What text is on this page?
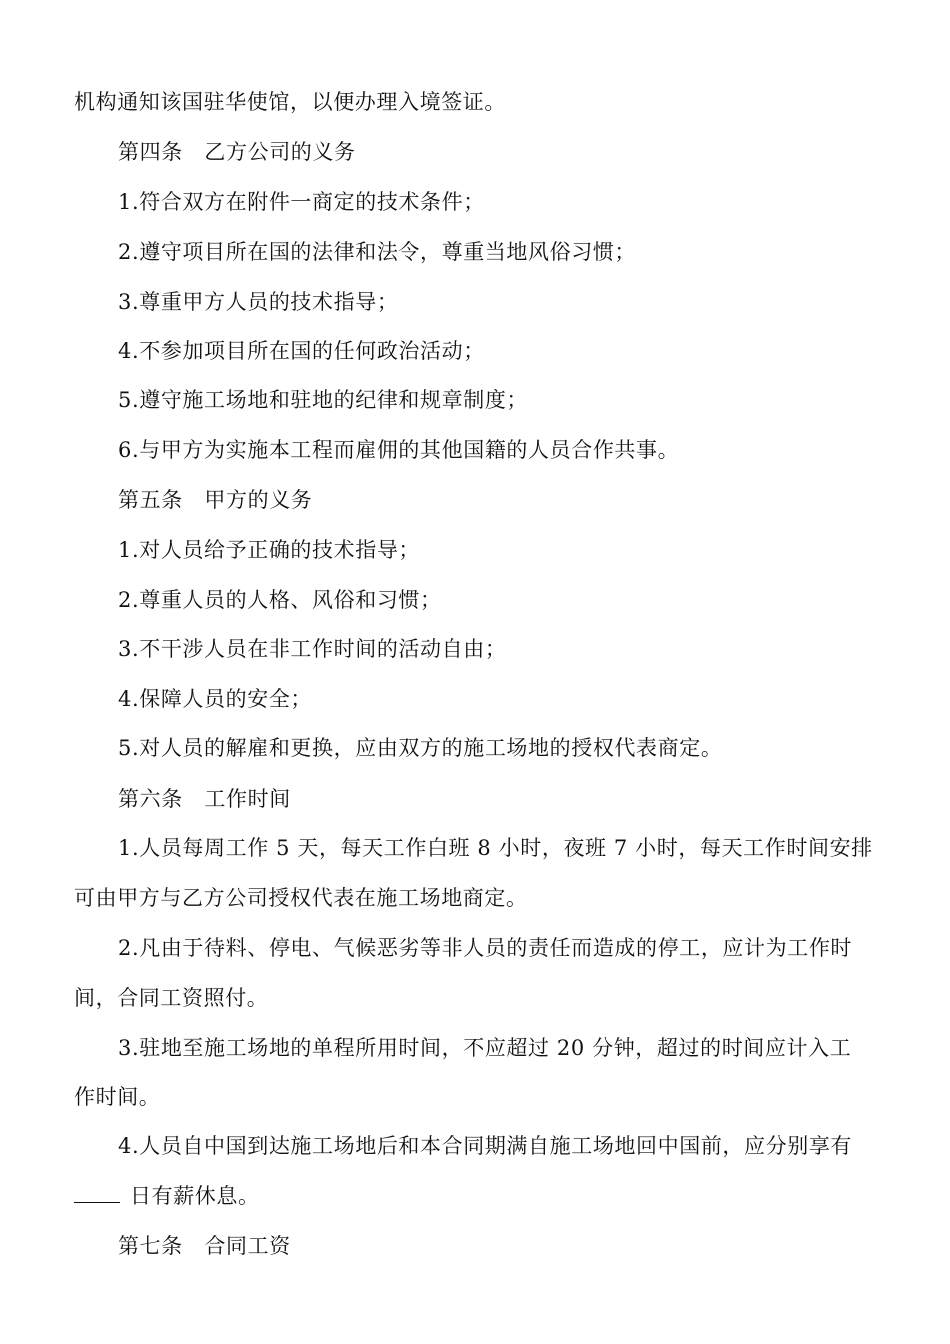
机构通知该国驻华使馆，以便办理入境签证。
第四条　乙方公司的义务
1.符合双方在附件一商定的技术条件；
2.遵守项目所在国的法律和法令，尊重当地风俗习惯；
3.尊重甲方人员的技术指导；
4.不参加项目所在国的任何政治活动；
5.遵守施工场地和驻地的纪律和规章制度；
6.与甲方为实施本工程而雇佣的其他国籍的人员合作共事。
第五条　甲方的义务
1.对人员给予正确的技术指导；
2.尊重人员的人格、风俗和习惯；
3.不干涉人员在非工作时间的活动自由；
4.保障人员的安全；
5.对人员的解雇和更换，应由双方的施工场地的授权代表商定。
第六条　工作时间
1.人员每周工作 5 天，每天工作白班 8 小时，夜班 7 小时，每天工作时间安排
可由甲方与乙方公司授权代表在施工场地商定。
2.凡由于待料、停电、气候恶劣等非人员的责任而造成的停工，应计为工作时
间，合同工资照付。
3.驻地至施工场地的单程所用时间，不应超过 20 分钟，超过的时间应计入工
作时间。
4.人员自中国到达施工场地后和本合同期满自施工场地回中国前，应分别享有
日有薪休息。
第七条　合同工资
